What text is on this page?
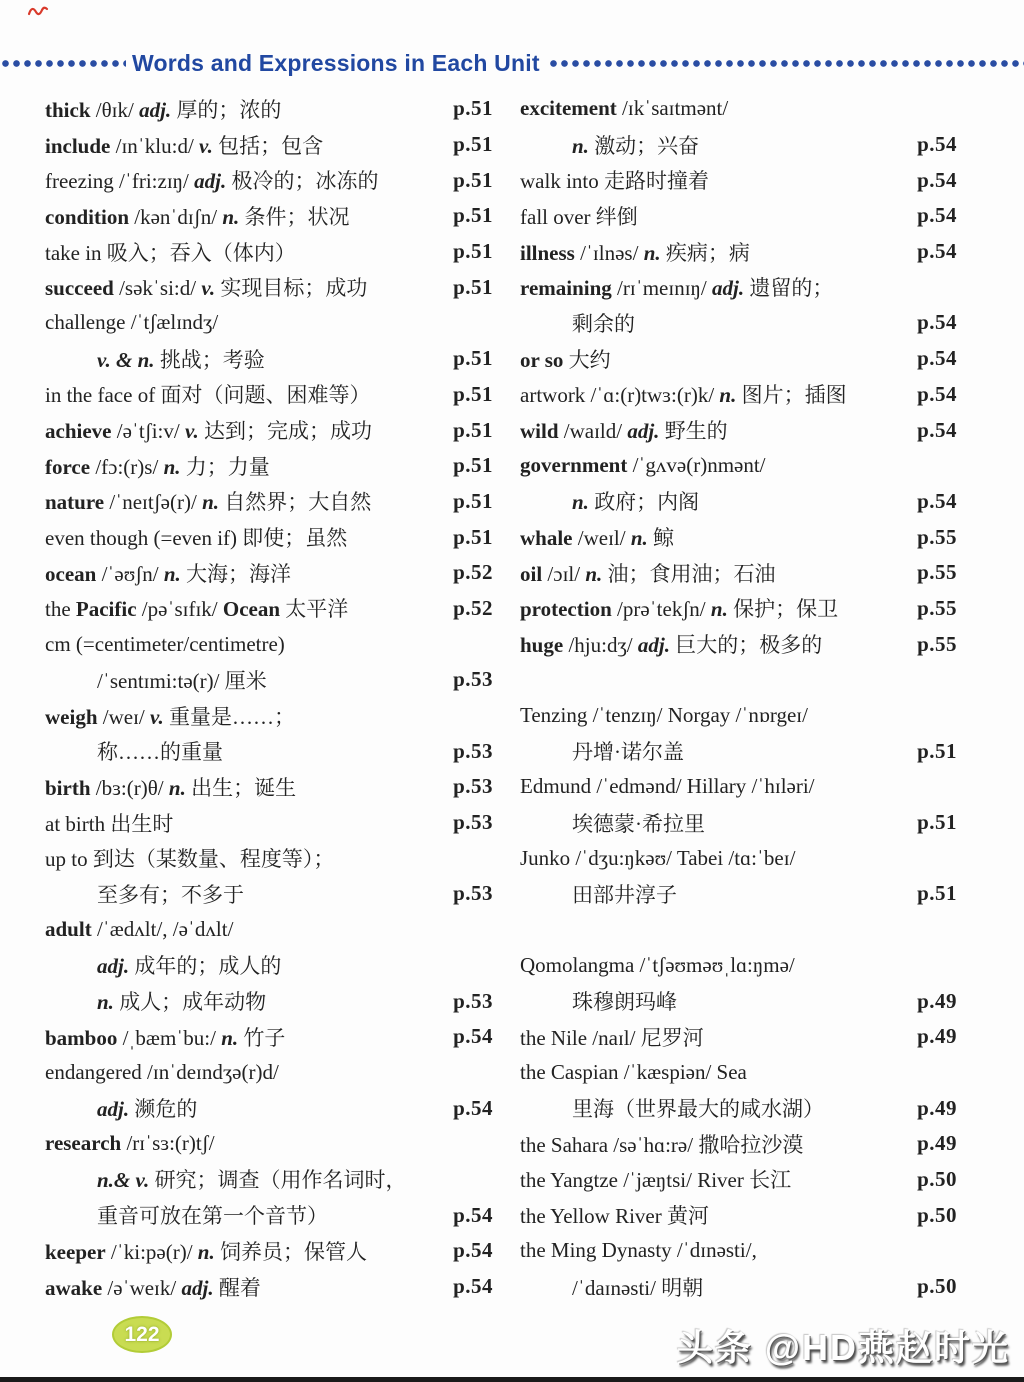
Words and Expressions in Each Unit
thick /θɪk/ adj. 厚的；浓的	p.51
include /ɪnˈklu:d/ v. 包括；包含	p.51
freezing /ˈfri:zɪŋ/ adj. 极冷的；冰冻的	p.51
condition /kənˈdɪʃn/ n. 条件；状况	p.51
take in 吸入；吞入（体内）	p.51
succeed /səkˈsi:d/ v. 实现目标；成功	p.51
challenge /ˈtʃælɪndʒ/
v. & n. 挑战；考验	p.51
in the face of 面对（问题、困难等）	p.51
achieve /əˈtʃi:v/ v. 达到；完成；成功	p.51
force /fɔ:(r)s/ n. 力；力量	p.51
nature /ˈneɪtʃə(r)/ n. 自然界；大自然	p.51
even though (=even if) 即使；虽然	p.51
ocean /ˈəʊʃn/ n. 大海；海洋	p.52
the Pacific /pəˈsɪfɪk/ Ocean 太平洋	p.52
cm (=centimeter/centimetre)
/ˈsentɪmi:tə(r)/ 厘米	p.53
weigh /weɪ/ v. 重量是……；
称……的重量	p.53
birth /bɜ:(r)θ/ n. 出生；诞生	p.53
at birth 出生时	p.53
up to 到达（某数量、程度等）；
至多有；不多于	p.53
adult /ˈædʌlt/, /əˈdʌlt/
adj. 成年的；成人的
n. 成人；成年动物	p.53
bamboo /ˌbæmˈbu:/ n. 竹子	p.54
endangered /ɪnˈdeɪndʒə(r)d/
adj. 濒危的	p.54
research /rɪˈsɜ:(r)tʃ/
n.& v. 研究；调查（用作名词时，
重音可放在第一个音节）	p.54
keeper /ˈki:pə(r)/ n. 饲养员；保管人	p.54
awake /əˈweɪk/ adj. 醒着	p.54
excitement /ɪkˈsaɪtmənt/
n. 激动；兴奋	p.54
walk into 走路时撞着	p.54
fall over 绊倒	p.54
illness /ˈɪlnəs/ n. 疾病；病	p.54
remaining /rɪˈmeɪnɪŋ/ adj. 遗留的；
剩余的	p.54
or so 大约	p.54
artwork /ˈɑ:(r)twɜ:(r)k/ n. 图片；插图	p.54
wild /waɪld/ adj. 野生的	p.54
government /ˈgʌvə(r)nmənt/
n. 政府；内阁	p.54
whale /weɪl/ n. 鲸	p.55
oil /ɔɪl/ n. 油；食用油；石油	p.55
protection /prəˈtekʃn/ n. 保护；保卫	p.55
huge /hju:dʒ/ adj. 巨大的；极多的	p.55
Tenzing /ˈtenzɪŋ/ Norgay /ˈnɒrgeɪ/
丹增·诺尔盖	p.51
Edmund /ˈedmənd/ Hillary /ˈhɪləri/
埃德蒙·希拉里	p.51
Junko /ˈdʒu:ŋkəʊ/ Tabei /tɑ:ˈbeɪ/
田部井淳子	p.51
Qomolangma /ˈtʃəʊməʊˌlɑ:ŋmə/
珠穆朗玛峰	p.49
the Nile /naɪl/ 尼罗河	p.49
the Caspian /ˈkæspiən/ Sea
里海（世界最大的咸水湖）	p.49
the Sahara /səˈhɑ:rə/ 撒哈拉沙漠	p.49
the Yangtze /ˈjæŋtsi/ River 长江	p.50
the Yellow River 黄河	p.50
the Ming Dynasty /ˈdɪnəsti/,
/ˈdaɪnəsti/ 明朝	p.50
122	头条 @HD燕赵时光
